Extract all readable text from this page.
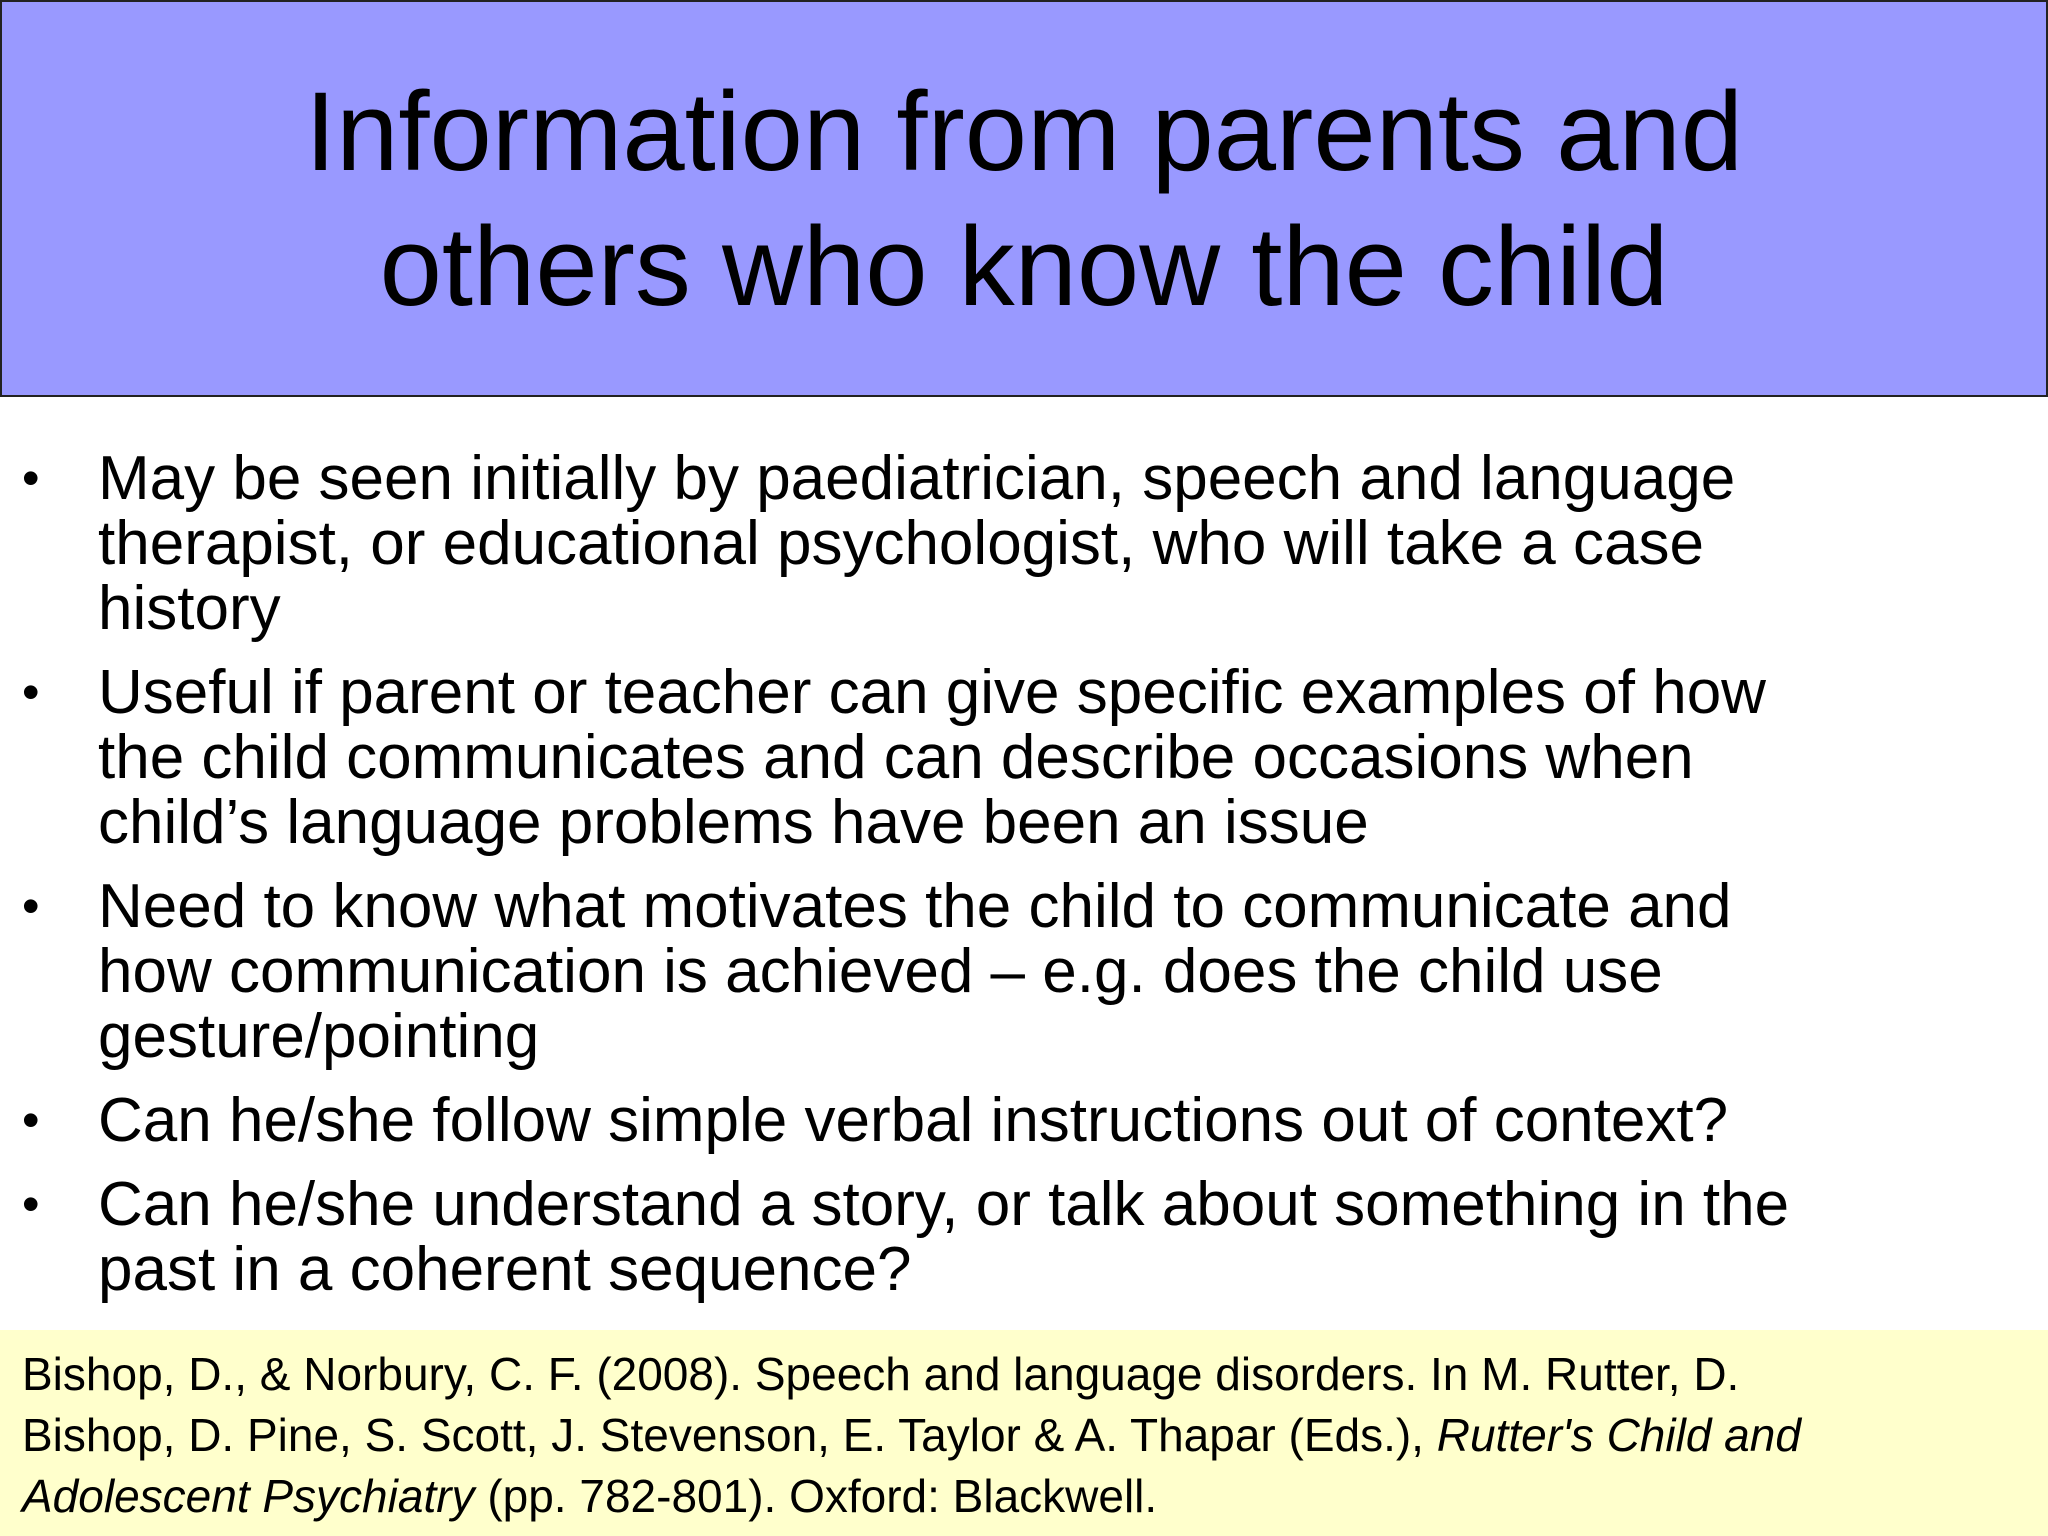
Information from parents and
others who know the child
• May be seen initially by paediatrician, speech and language
therapist, or educational psychologist, who will take a case
history
• Useful if parent or teacher can give specific examples of how
the child communicates and can describe occasions when
child’s language problems have been an issue
• Need to know what motivates the child to communicate and
how communication is achieved – e.g. does the child use
gesture/pointing
• Can he/she follow simple verbal instructions out of context?
• Can he/she understand a story, or talk about something in the
past in a coherent sequence?

Bishop, D., & Norbury, C. F. (2008). Speech and language disorders. In M. Rutter, D.
Bishop, D. Pine, S. Scott, J. Stevenson, E. Taylor & A. Thapar (Eds.), Rutter's Child and
Adolescent Psychiatry (pp. 782-801). Oxford: Blackwell.
